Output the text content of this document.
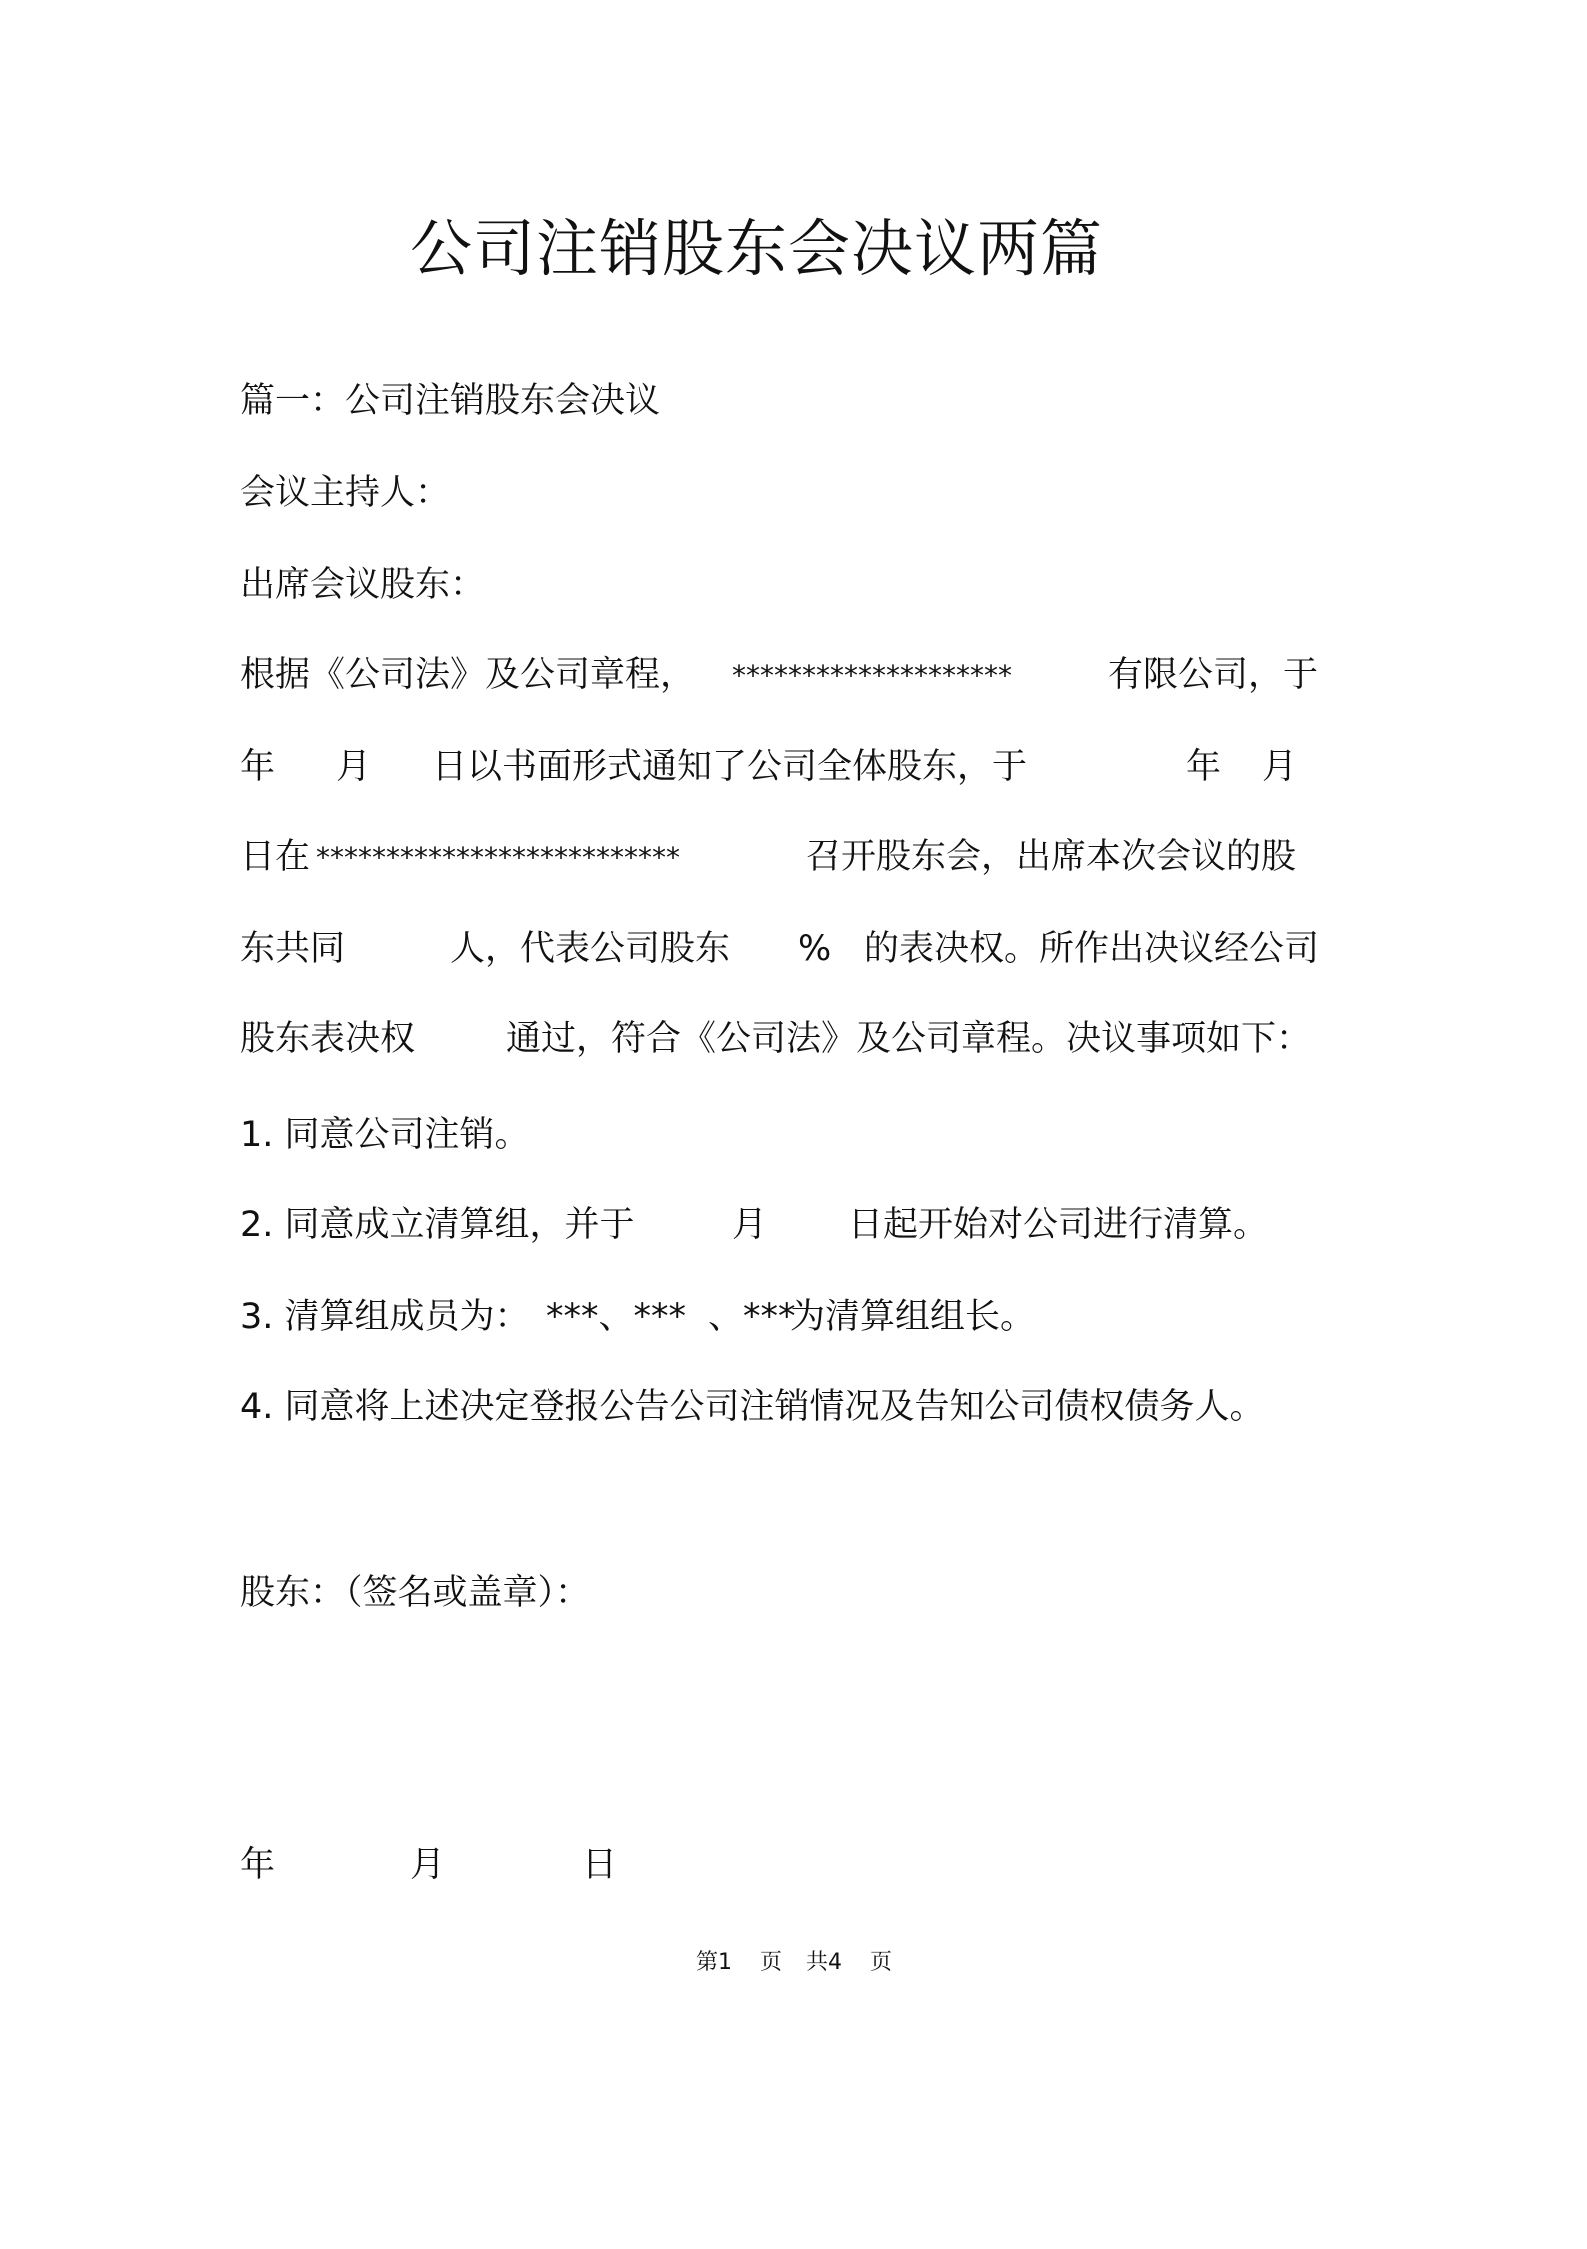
公司注销股东会决议两篇
篇一：公司注销股东会决议
会议主持人：
出席会议股东：
根据《公司法》及公司章程， ********************	有限公司，于
年 月 日以书面形式通知了公司全体股东，于	年 月
日在 **************************	召开股东会，出席本次会议的股
东共同	人，代表公司股东 % 的表决权。所作出决议经公司
股东表决权	通过，符合《公司法》及公司章程。决议事项如下：
1. 同意公司注销。
2. 同意成立清算组，并于	月 日起开始对公司进行清算。
3. 清算组成员为： ***、*** 、***
为清算组组长。
4. 同意将上述决定登报公告公司注销情况及告知公司债权债务人。
股东：（签名或盖章）：
年	月	日
第1 页 共4 页
